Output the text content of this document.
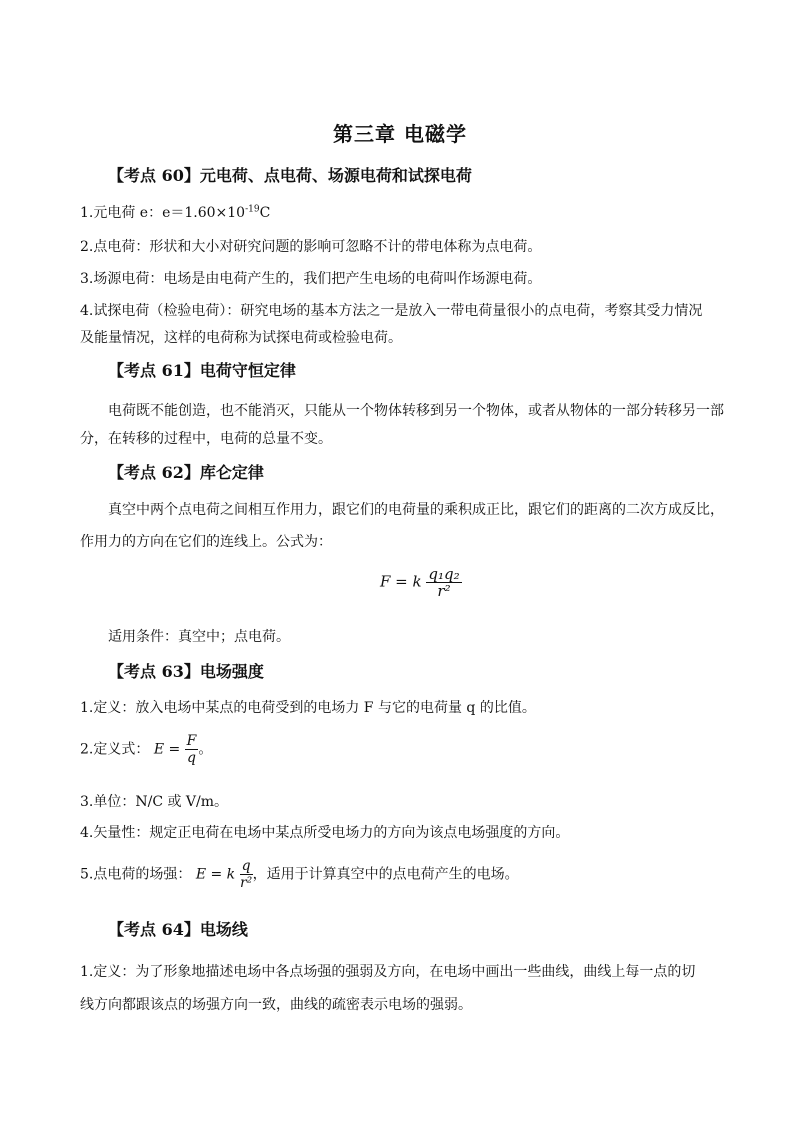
第三章 电磁学
【考点 60】元电荷、点电荷、场源电荷和试探电荷
1.元电荷 e：$e=1.60\times 10^{-19}C$
2.点电荷：形状和大小对研究问题的影响可忽略不计的带电体称为点电荷。
3.场源电荷：电场是由电荷产生的，我们把产生电场的电荷叫作场源电荷。
4.试探电荷（检验电荷）：研究电场的基本方法之一是放入一带电荷量很小的点电荷，考察其受力情况
及能量情况，这样的电荷称为试探电荷或检验电荷。
【考点 61】电荷守恒定律
电荷既不能创造，也不能消灭，只能从一个物体转移到另一个物体，或者从物体的一部分转移另一部
分，在转移的过程中，电荷的总量不变。
【考点 62】库仑定律
真空中两个点电荷之间相互作用力，跟它们的电荷量的乘积成正比，跟它们的距离的二次方成反比，
作用力的方向在它们的连线上。公式为：
F = k $\frac{\text{q₁q₂}}{\text{r²}}$
适用条件：真空中；点电荷。
【考点 63】电场强度
1.定义：放入电场中某点的电荷受到的电场力 F 与它的电荷量 q 的比值。
2.定义式： $E = \frac{F}{q}$ 。
3.单位：N/C 或 V/m。
4.矢量性：规定正电荷在电场中某点所受电场力的方向为该点电场强度的方向。
5.点电荷的场强： E = k $\frac{q}{\text{r²}}$ ，适用于计算真空中的点电荷产生的电场。
【考点 64】电场线
1.定义：为了形象地描述电场中各点场强的强弱及方向，在电场中画出一些曲线，曲线上每一点的切
线方向都跟该点的场强方向一致，曲线的疏密表示电场的强弱。
